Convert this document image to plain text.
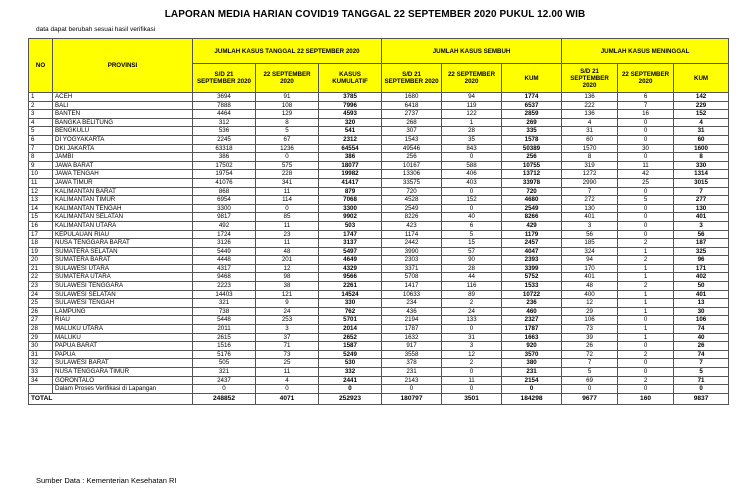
LAPORAN MEDIA HARIAN COVID19 TANGGAL 22 SEPTEMBER 2020 PUKUL 12.00 WIB
data dapat berubah sesuai hasil verifikasi
NO	PROVINSI	JUMLAH KASUS TANGGAL 22 SEPTEMBER 2020			JUMLAH KASUS SEMBUH			JUMLAH KASUS MENINGGAL		
		S/D 21 SEPTEMBER 2020	22 SEPTEMBER 2020	KASUS KUMULATIF	S/D 21 SEPTEMBER 2020	22 SEPTEMBER 2020	KUM	S/D 21 SEPTEMBER 2020	22 SEPTEMBER 2020	KUM
1	ACEH	3694	91	3785	1680	94	1774	136	6	142
2	BALI	7888	108	7996	6418	119	6537	222	7	229
3	BANTEN	4464	129	4593	2737	122	2859	136	16	152
4	BANGKA BELITUNG	312	8	320	268	1	269	4	0	4
5	BENGKULU	536	5	541	307	28	335	31	0	31
6	DI YOGYAKARTA	2245	67	2312	1543	35	1578	60	0	60
7	DKI JAKARTA	63318	1236	64554	49546	843	50389	1570	30	1600
8	JAMBI	386	0	386	256	0	256	8	0	8
9	JAWA BARAT	17502	575	18077	10167	588	10755	319	11	330
10	JAWA TENGAH	19754	228	19982	13306	406	13712	1272	42	1314
11	JAWA TIMUR	41076	341	41417	33575	403	33978	2990	25	3015
12	KALIMANTAN BARAT	868	11	879	720	0	720	7	0	7
13	KALIMANTAN TIMUR	6954	114	7068	4528	152	4680	272	5	277
14	KALIMANTAN TENGAH	3300	0	3300	2549	0	2549	130	0	130
15	KALIMANTAN SELATAN	9817	85	9902	8226	40	8266	401	0	401
16	KALIMANTAN UTARA	492	11	503	423	6	429	3	0	3
17	KEPULAUAN RIAU	1724	23	1747	1174	5	1179	56	0	56
18	NUSA TENGGARA BARAT	3126	11	3137	2442	15	2457	185	2	187
19	SUMATERA SELATAN	5449	48	5497	3990	57	4047	324	1	325
20	SUMATERA BARAT	4448	201	4649	2303	90	2393	94	2	96
21	SULAWESI UTARA	4317	12	4329	3371	28	3399	170	1	171
22	SUMATERA UTARA	9468	98	9566	5708	44	5752	401	1	402
23	SULAWESI TENGGARA	2223	38	2261	1417	116	1533	48	2	50
24	SULAWESI SELATAN	14403	121	14524	10633	89	10722	400	1	401
25	SULAWESI TENGAH	321	9	330	234	2	236	12	1	13
26	LAMPUNG	738	24	762	436	24	460	29	1	30
27	RIAU	5448	253	5701	2194	133	2327	106	0	106
28	MALUKU UTARA	2011	3	2014	1787	0	1787	73	1	74
29	MALUKU	2615	37	2652	1632	31	1663	39	1	40
30	PAPUA BARAT	1516	71	1587	917	3	920	26	0	26
31	PAPUA	5176	73	5249	3558	12	3570	72	2	74
32	SULAWESI BARAT	505	25	530	378	2	380	7	0	7
33	NUSA TENGGARA TIMUR	321	11	332	231	0	231	5	0	5
34	GORONTALO	2437	4	2441	2143	11	2154	69	2	71
	Dalam Proses Verifikasi di Lapangan	0	0	0	0	0	0	0	0	0
TOTAL		248852	4071	252923	180797	3501	184298	9677	160	9837
Sumber Data : Kementerian Kesehatan RI
